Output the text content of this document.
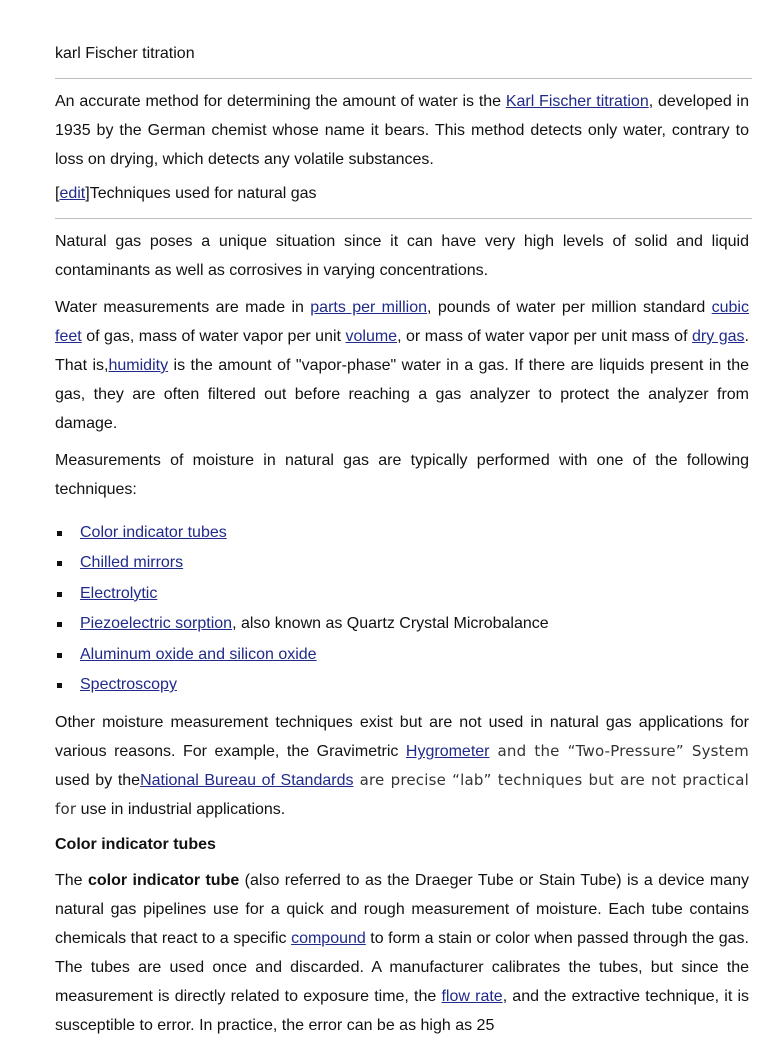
karl Fischer titration

An accurate method for determining the amount of water is the Karl Fischer titration, developed in 1935 by the German chemist whose name it bears. This method detects only water, contrary to loss on drying, which detects any volatile substances.

[edit]Techniques used for natural gas

Natural gas poses a unique situation since it can have very high levels of solid and liquid contaminants as well as corrosives in varying concentrations.

Water measurements are made in parts per million, pounds of water per million standard cubic feet of gas, mass of water vapor per unit volume, or mass of water vapor per unit mass of dry gas. That is,humidity is the amount of "vapor-phase" water in a gas. If there are liquids present in the gas, they are often filtered out before reaching a gas analyzer to protect the analyzer from damage.

Measurements of moisture in natural gas are typically performed with one of the following techniques:

Color indicator tubes
Chilled mirrors
Electrolytic
Piezoelectric sorption, also known as Quartz Crystal Microbalance
Aluminum oxide and silicon oxide
Spectroscopy

Other moisture measurement techniques exist but are not used in natural gas applications for various reasons. For example, the Gravimetric Hygrometer and the “Two-Pressure” System used by theNational Bureau of Standards are precise “lab” techniques but are not practical for use in industrial applications.

Color indicator tubes

The color indicator tube (also referred to as the Draeger Tube or Stain Tube) is a device many natural gas pipelines use for a quick and rough measurement of moisture. Each tube contains chemicals that react to a specific compound to form a stain or color when passed through the gas. The tubes are used once and discarded. A manufacturer calibrates the tubes, but since the measurement is directly related to exposure time, the flow rate, and the extractive technique, it is susceptible to error. In practice, the error can be as high as 25
